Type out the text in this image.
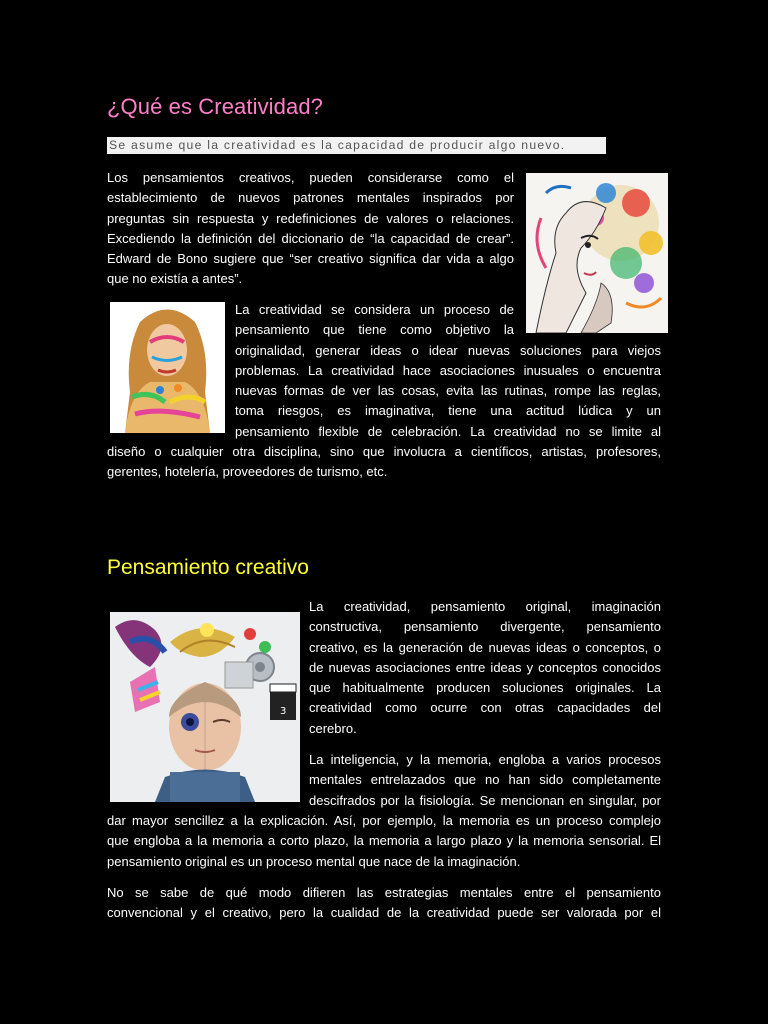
¿Qué es Creatividad?
Se asume que la creatividad es la capacidad de producir algo nuevo.
Los pensamientos creativos, pueden considerarse como el
establecimiento de nuevos patrones mentales inspirados por
preguntas sin respuesta y redefiniciones de valores o relaciones.
Excediendo la definición del diccionario de “la capacidad de crear”.
Edward de Bono sugiere que “ser creativo significa dar vida a algo
que no existía a antes”.
La creatividad se considera un proceso de
pensamiento que tiene como objetivo la
originalidad, generar ideas o idear nuevas soluciones para viejos
problemas. La creatividad hace asociaciones inusuales o encuentra
nuevas formas de ver las cosas, evita las rutinas, rompe las reglas,
toma riesgos, es imaginativa, tiene una actitud lúdica y un
pensamiento flexible de celebración. La creatividad no se limite al
diseño o cualquier otra disciplina, sino que involucra a científicos, artistas, profesores,
gerentes, hotelería, proveedores de turismo, etc.
Pensamiento creativo
3
La creatividad, pensamiento original, imaginación
constructiva, pensamiento divergente, pensamiento
creativo, es la generación de nuevas ideas o conceptos, o
de nuevas asociaciones entre ideas y conceptos conocidos
que habitualmente producen soluciones originales. La
creatividad como ocurre con otras capacidades del
cerebro.
La inteligencia, y la memoria, engloba a varios procesos
mentales entrelazados que no han sido completamente
descifrados por la fisiología. Se mencionan en singular, por
dar mayor sencillez a la explicación. Así, por ejemplo, la memoria es un proceso complejo
que engloba a la memoria a corto plazo, la memoria a largo plazo y la memoria sensorial. El
pensamiento original es un proceso mental que nace de la imaginación.
No se sabe de qué modo difieren las estrategias mentales entre el pensamiento
convencional y el creativo, pero la cualidad de la creatividad puede ser valorada por el
